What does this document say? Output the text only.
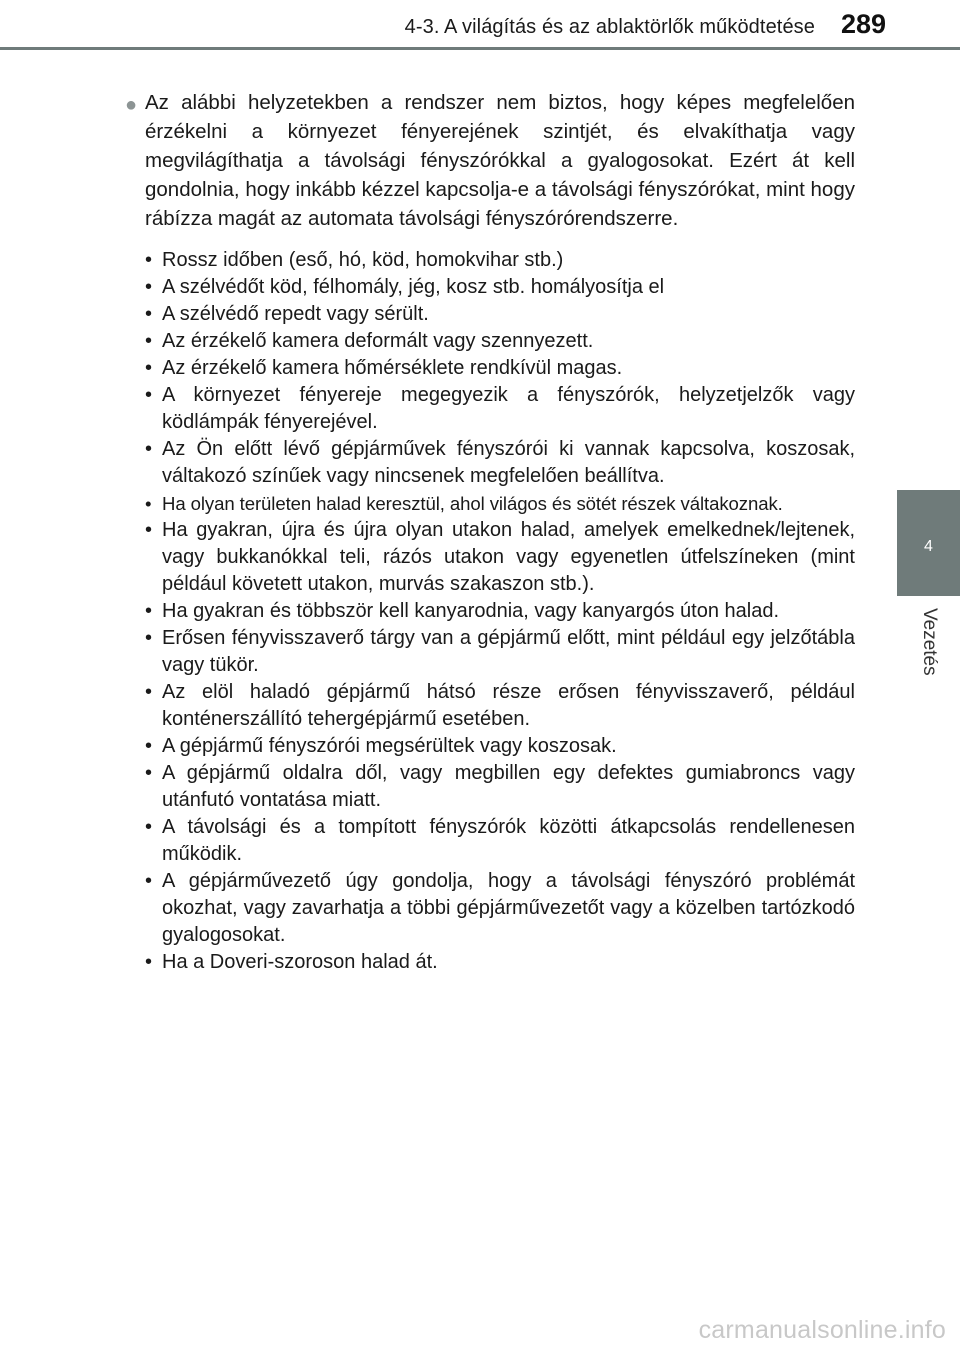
4-3. A világítás és az ablaktörlők működtetése 289
4
Vezetés

● Az alábbi helyzetekben a rendszer nem biztos, hogy képes megfelelően érzékelni a környezet fényerejének szintjét, és elvakíthatja vagy megvilágíthatja a távolsági fényszórókkal a gyalogosokat. Ezért át kell gondolnia, hogy inkább kézzel kapcsolja-e a távolsági fényszórókat, mint hogy rábízza magát az automata távolsági fényszórórendszerre.

• Rossz időben (eső, hó, köd, homokvihar stb.)
• A szélvédőt köd, félhomály, jég, kosz stb. homályosítja el
• A szélvédő repedt vagy sérült.
• Az érzékelő kamera deformált vagy szennyezett.
• Az érzékelő kamera hőmérséklete rendkívül magas.
• A környezet fényereje megegyezik a fényszórók, helyzetjelzők vagy ködlámpák fényerejével.
• Az Ön előtt lévő gépjárművek fényszórói ki vannak kapcsolva, koszosak, váltakozó színűek vagy nincsenek megfelelően beállítva.
• Ha olyan területen halad keresztül, ahol világos és sötét részek váltakoznak.
• Ha gyakran, újra és újra olyan utakon halad, amelyek emelkednek/lejtenek, vagy bukkanókkal teli, rázós utakon vagy egyenetlen útfelszíneken (mint például követett utakon, murvás szakaszon stb.).
• Ha gyakran és többször kell kanyarodnia, vagy kanyargós úton halad.
• Erősen fényvisszaverő tárgy van a gépjármű előtt, mint például egy jelzőtábla vagy tükör.
• Az elöl haladó gépjármű hátsó része erősen fényvisszaverő, például konténerszállító tehergépjármű esetében.
• A gépjármű fényszórói megsérültek vagy koszosak.
• A gépjármű oldalra dől, vagy megbillen egy defektes gumiabroncs vagy utánfutó vontatása miatt.
• A távolsági és a tompított fényszórók közötti átkapcsolás rendellenesen működik.
• A gépjárművezető úgy gondolja, hogy a távolsági fényszóró problémát okozhat, vagy zavarhatja a többi gépjárművezetőt vagy a közelben tartózkodó gyalogosokat.
• Ha a Doveri-szoroson halad át.
carmanualsonline.info
